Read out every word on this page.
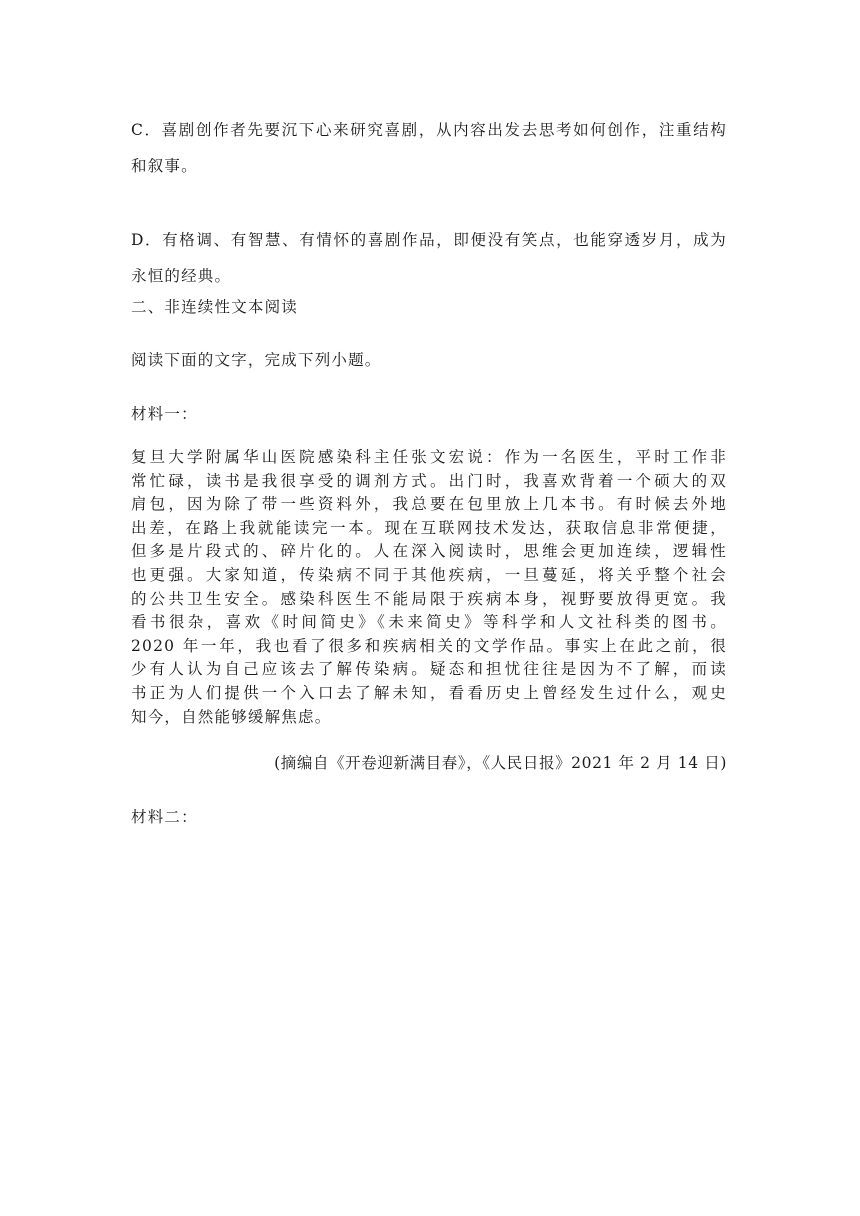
C．喜剧创作者先要沉下心来研究喜剧，从内容出发去思考如何创作，注重结构和叙事。
D．有格调、有智慧、有情怀的喜剧作品，即便没有笑点，也能穿透岁月，成为永恒的经典。
二、非连续性文本阅读
阅读下面的文字，完成下列小题。
材料一：
复旦大学附属华山医院感染科主任张文宏说：作为一名医生，平时工作非
常忙碌，读书是我很享受的调剂方式。出门时，我喜欢背着一个硕大的双
肩包，因为除了带一些资料外，我总要在包里放上几本书。有时候去外地
出差，在路上我就能读完一本。现在互联网技术发达，获取信息非常便捷，
但多是片段式的、碎片化的。人在深入阅读时，思维会更加连续，逻辑性
也更强。大家知道，传染病不同于其他疾病，一旦蔓延，将关乎整个社会
的公共卫生安全。感染科医生不能局限于疾病本身，视野要放得更宽。我
看书很杂，喜欢《时间简史》《未来简史》等科学和人文社科类的图书。
2020 年一年，我也看了很多和疾病相关的文学作品。事实上在此之前，很
少有人认为自己应该去了解传染病。疑态和担忧往往是因为不了解，而读
书正为人们提供一个入口去了解未知，看看历史上曾经发生过什么，观史
知今，自然能够缓解焦虑。
(摘编自《开卷迎新满目春》，《人民日报》2021 年 2 月 14 日)
材料二：
